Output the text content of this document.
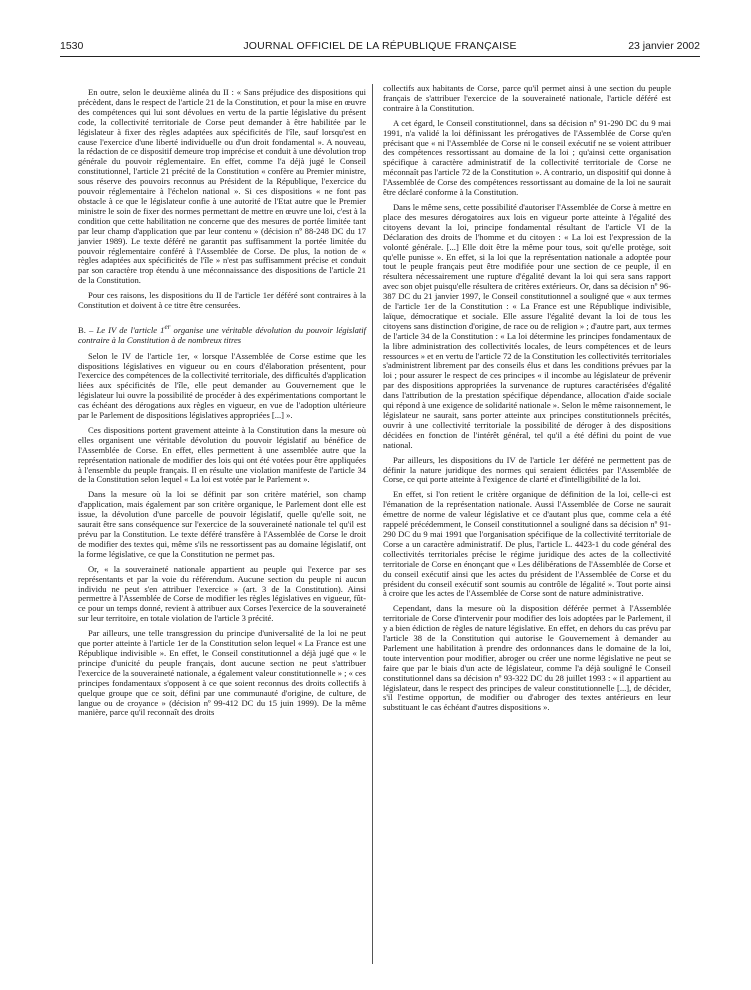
1530	JOURNAL OFFICIEL DE LA RÉPUBLIQUE FRANÇAISE	23 janvier 2002

En outre, selon le deuxième alinéa du II : « Sans préjudice des dispositions qui précèdent, dans le respect de l'article 21 de la Constitution, et pour la mise en œuvre des compétences qui lui sont dévolues en vertu de la partie législative du présent code, la collectivité territoriale de Corse peut demander à être habilitée par le législateur à fixer des règles adaptées aux spécificités de l'île, sauf lorsqu'est en cause l'exercice d'une liberté individuelle ou d'un droit fondamental ». A nouveau, la rédaction de ce dispositif demeure trop imprécise et conduit à une dévolution trop générale du pouvoir réglementaire. En effet, comme l'a déjà jugé le Conseil constitutionnel, l'article 21 précité de la Constitution « confère au Premier ministre, sous réserve des pouvoirs reconnus au Président de la République, l'exercice du pouvoir réglementaire à l'échelon national ». Si ces dispositions « ne font pas obstacle à ce que le législateur confie à une autorité de l'Etat autre que le Premier ministre le soin de fixer des normes permettant de mettre en œuvre une loi, c'est à la condition que cette habilitation ne concerne que des mesures de portée limitée tant par leur champ d'application que par leur contenu » (décision nº 88-248 DC du 17 janvier 1989). Le texte déféré ne garantit pas suffisamment la portée limitée du pouvoir réglementaire conféré à l'Assemblée de Corse. De plus, la notion de « règles adaptées aux spécificités de l'île » n'est pas suffisamment précise et conduit par son caractère trop étendu à une méconnaissance des dispositions de l'article 21 de la Constitution.

Pour ces raisons, les dispositions du II de l'article 1er déféré sont contraires à la Constitution et doivent à ce titre être censurées.

B. – Le IV de l'article 1er organise une véritable dévolution du pouvoir législatif contraire à la Constitution à de nombreux titres

Selon le IV de l'article 1er, « lorsque l'Assemblée de Corse estime que les dispositions législatives en vigueur ou en cours d'élaboration présentent, pour l'exercice des compétences de la collectivité territoriale, des difficultés d'application liées aux spécificités de l'île, elle peut demander au Gouvernement que le législateur lui ouvre la possibilité de procéder à des expérimentations comportant le cas échéant des dérogations aux règles en vigueur, en vue de l'adoption ultérieure par le Parlement de dispositions législatives appropriées [...] ».

Ces dispositions portent gravement atteinte à la Constitution dans la mesure où elles organisent une véritable dévolution du pouvoir législatif au bénéfice de l'Assemblée de Corse. En effet, elles permettent à une assemblée autre que la représentation nationale de modifier des lois qui ont été votées pour être appliquées à l'ensemble du peuple français. Il en résulte une violation manifeste de l'article 34 de la Constitution selon lequel « La loi est votée par le Parlement ».

Dans la mesure où la loi se définit par son critère matériel, son champ d'application, mais également par son critère organique, le Parlement dont elle est issue, la dévolution d'une parcelle de pouvoir législatif, quelle qu'elle soit, ne saurait être sans conséquence sur l'exercice de la souveraineté nationale tel qu'il est prévu par la Constitution. Le texte déféré transfère à l'Assemblée de Corse le droit de modifier des textes qui, même s'ils ne ressortissent pas au domaine législatif, ont la forme législative, ce que la Constitution ne permet pas.

Or, « la souveraineté nationale appartient au peuple qui l'exerce par ses représentants et par la voie du référendum. Aucune section du peuple ni aucun individu ne peut s'en attribuer l'exercice » (art. 3 de la Constitution). Ainsi permettre à l'Assemblée de Corse de modifier les règles législatives en vigueur, fût-ce pour un temps donné, revient à attribuer aux Corses l'exercice de la souveraineté sur leur territoire, en totale violation de l'article 3 précité.

Par ailleurs, une telle transgression du principe d'universalité de la loi ne peut que porter atteinte à l'article 1er de la Constitution selon lequel « La France est une République indivisible ». En effet, le Conseil constitutionnel a déjà jugé que « le principe d'unicité du peuple français, dont aucune section ne peut s'attribuer l'exercice de la souveraineté nationale, a également valeur constitutionnelle » ; « ces principes fondamentaux s'opposent à ce que soient reconnus des droits collectifs à quelque groupe que ce soit, défini par une communauté d'origine, de culture, de langue ou de croyance » (décision nº 99-412 DC du 15 juin 1999). De la même manière, parce qu'il reconnaît des droits

collectifs aux habitants de Corse, parce qu'il permet ainsi à une section du peuple français de s'attribuer l'exercice de la souveraineté nationale, l'article déféré est contraire à la Constitution.

A cet égard, le Conseil constitutionnel, dans sa décision nº 91-290 DC du 9 mai 1991, n'a validé la loi définissant les prérogatives de l'Assemblée de Corse qu'en précisant que « ni l'Assemblée de Corse ni le conseil exécutif ne se voient attribuer des compétences ressortissant au domaine de la loi ; qu'ainsi cette organisation spécifique à caractère administratif de la collectivité territoriale de Corse ne méconnaît pas l'article 72 de la Constitution ». A contrario, un dispositif qui donne à l'Assemblée de Corse des compétences ressortissant au domaine de la loi ne saurait être déclaré conforme à la Constitution.

Dans le même sens, cette possibilité d'autoriser l'Assemblée de Corse à mettre en place des mesures dérogatoires aux lois en vigueur porte atteinte à l'égalité des citoyens devant la loi, principe fondamental résultant de l'article VI de la Déclaration des droits de l'homme et du citoyen : « La loi est l'expression de la volonté générale. [...] Elle doit être la même pour tous, soit qu'elle protège, soit qu'elle punisse ». En effet, si la loi que la représentation nationale a adoptée pour tout le peuple français peut être modifiée pour une section de ce peuple, il en résultera nécessairement une rupture d'égalité devant la loi qui sera sans rapport avec son objet puisqu'elle résultera de critères extérieurs. Or, dans sa décision nº 96-387 DC du 21 janvier 1997, le Conseil constitutionnel a souligné que « aux termes de l'article 1er de la Constitution : « La France est une République indivisible, laïque, démocratique et sociale. Elle assure l'égalité devant la loi de tous les citoyens sans distinction d'origine, de race ou de religion » ; d'autre part, aux termes de l'article 34 de la Constitution : « La loi détermine les principes fondamentaux de la libre administration des collectivités locales, de leurs compétences et de leurs ressources » et en vertu de l'article 72 de la Constitution les collectivités territoriales s'administrent librement par des conseils élus et dans les conditions prévues par la loi ; pour assurer le respect de ces principes « il incombe au législateur de prévenir par des dispositions appropriées la survenance de ruptures caractérisées d'égalité dans l'attribution de la prestation spécifique dépendance, allocation d'aide sociale qui répond à une exigence de solidarité nationale ». Selon le même raisonnement, le législateur ne saurait, sans porter atteinte aux principes constitutionnels précités, ouvrir à une collectivité territoriale la possibilité de déroger à des dispositions décidées en fonction de l'intérêt général, tel qu'il a été défini du point de vue national.

Par ailleurs, les dispositions du IV de l'article 1er déféré ne permettent pas de définir la nature juridique des normes qui seraient édictées par l'Assemblée de Corse, ce qui porte atteinte à l'exigence de clarté et d'intelligibilité de la loi.

En effet, si l'on retient le critère organique de définition de la loi, celle-ci est l'émanation de la représentation nationale. Aussi l'Assemblée de Corse ne saurait émettre de norme de valeur législative et ce d'autant plus que, comme cela a été rappelé précédemment, le Conseil constitutionnel a souligné dans sa décision nº 91-290 DC du 9 mai 1991 que l'organisation spécifique de la collectivité territoriale de Corse a un caractère administratif. De plus, l'article L. 4423-1 du code général des collectivités territoriales précise le régime juridique des actes de la collectivité territoriale de Corse en énonçant que « Les délibérations de l'Assemblée de Corse et du conseil exécutif ainsi que les actes du président de l'Assemblée de Corse et du président du conseil exécutif sont soumis au contrôle de légalité ». Tout porte ainsi à croire que les actes de l'Assemblée de Corse sont de nature administrative.

Cependant, dans la mesure où la disposition déférée permet à l'Assemblée territoriale de Corse d'intervenir pour modifier des lois adoptées par le Parlement, il y a bien édiction de règles de nature législative. En effet, en dehors du cas prévu par l'article 38 de la Constitution qui autorise le Gouvernement à demander au Parlement une habilitation à prendre des ordonnances dans le domaine de la loi, toute intervention pour modifier, abroger ou créer une norme législative ne peut se faire que par le biais d'un acte de législateur, comme l'a déjà souligné le Conseil constitutionnel dans sa décision nº 93-322 DC du 28 juillet 1993 : « il appartient au législateur, dans le respect des principes de valeur constitutionnelle [...], de décider, s'il l'estime opportun, de modifier ou d'abroger des textes antérieurs en leur substituant le cas échéant d'autres dispositions ».
